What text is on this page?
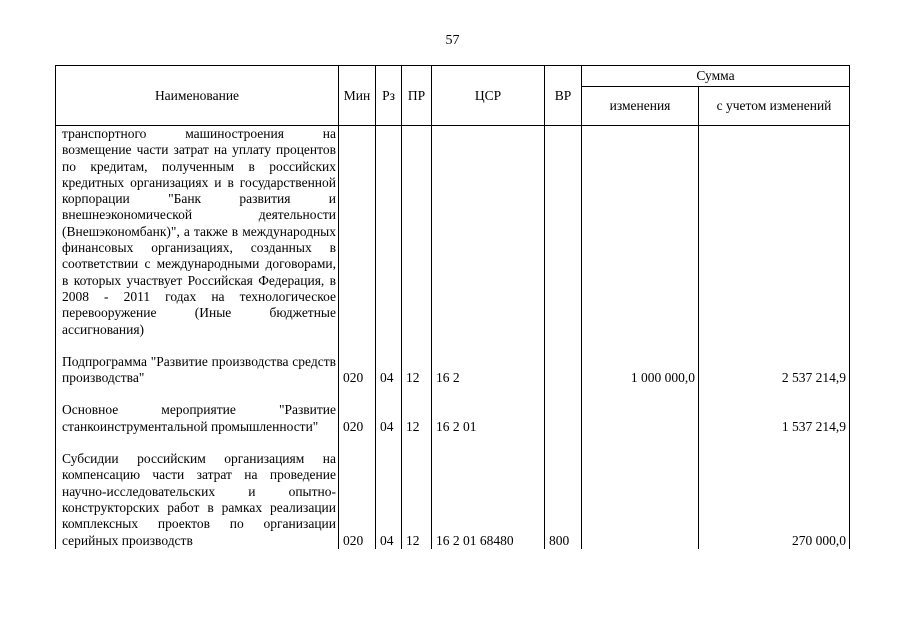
57
Наименование	Мин	Рз	ПР	ЦСР	ВР	Сумма	
						изменения	с учетом изменений
транспортного машиностроения на возмещение части затрат на уплату процентов по кредитам, полученным в российских кредитных организациях и в государственной корпорации "Банк развития и внешнеэкономической деятельности (Внешэкономбанк)", а также в международных финансовых организациях, созданных в соответствии с международными договорами, в которых участвует Российская Федерация, в 2008 - 2011 годах на технологическое перевооружение (Иные бюджетные ассигнования)							

Подпрограмма "Развитие производства средств производства"	020	04	12	16 2		1 000 000,0	2 537 214,9

Основное мероприятие "Развитие станкоинструментальной промышленности"	020	04	12	16 2 01			1 537 214,9

Субсидии российским организациям на компенсацию части затрат на проведение научно-исследовательских и опытно-конструкторских работ в рамках реализации комплексных проектов по организации серийных производств	020	04	12	16 2 01 68480	800		270 000,0
